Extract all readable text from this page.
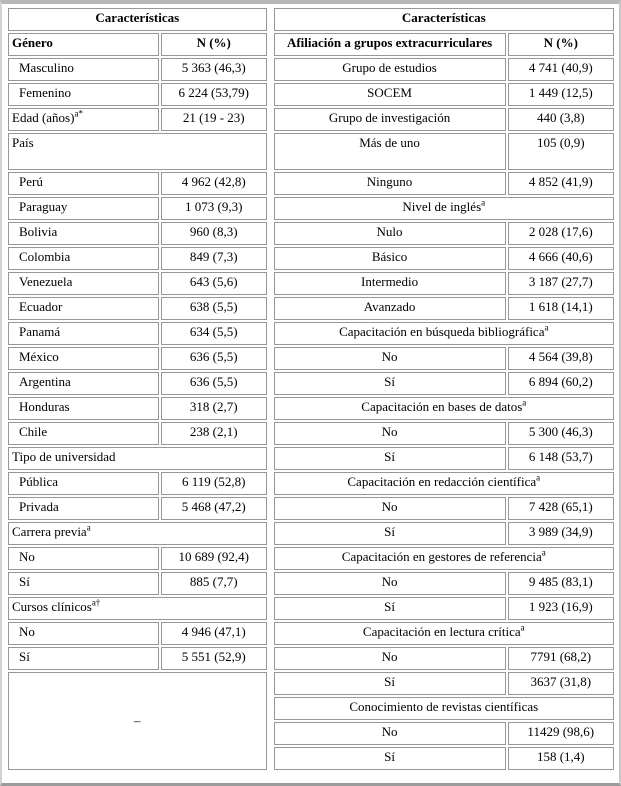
Características	
Género	N (%)
Masculino	5 363 (46,3)
Femenino	6 224 (53,79)
Edad (años)$^{a*}$	21 (19 - 23)
País	
Perú	4 962 (42,8)
Paraguay	1 073 (9,3)
Bolivia	960 (8,3)
Colombia	849 (7,3)
Venezuela	643 (5,6)
Ecuador	638 (5,5)
Panamá	634 (5,5)
México	636 (5,5)
Argentina	636 (5,5)
Honduras	318 (2,7)
Chile	238 (2,1)
Tipo de universidad	
Pública	6 119 (52,8)
Privada	5 468 (47,2)
Carrera previa$^a$
No	10 689 (92,4)
Sí	885 (7,7)
Cursos clínicos$^{a\dagger}$
No	4 946 (47,1)
Sí	5 551 (52,9)
–	
Características	
Afiliación a grupos extracurriculares	N (%)
Grupo de estudios	4 741 (40,9)
SOCEM	1 449 (12,5)
Grupo de investigación	440 (3,8)
Más de uno	105 (0,9)
Ninguno	4 852 (41,9)
Nivel de inglés$^a$
Nulo	2 028 (17,6)
Básico	4 666 (40,6)
Intermedio	3 187 (27,7)
Avanzado	1 618 (14,1)
Capacitación en búsqueda bibliográfica$^a$
No	4 564 (39,8)
Sí	6 894 (60,2)
Capacitación en bases de datos$^a$
No	5 300 (46,3)
Sí	6 148 (53,7)
Capacitación en redacción científica$^a$
No	7 428 (65,1)
Sí	3 989 (34,9)
Capacitación en gestores de referencia$^a$
No	9 485 (83,1)
Sí	1 923 (16,9)
Capacitación en lectura crítica$^a$
No	7791 (68,2)
Sí	3637 (31,8)
Conocimiento de revistas científicas	
No	11429 (98,6)
Sí	158 (1,4)
